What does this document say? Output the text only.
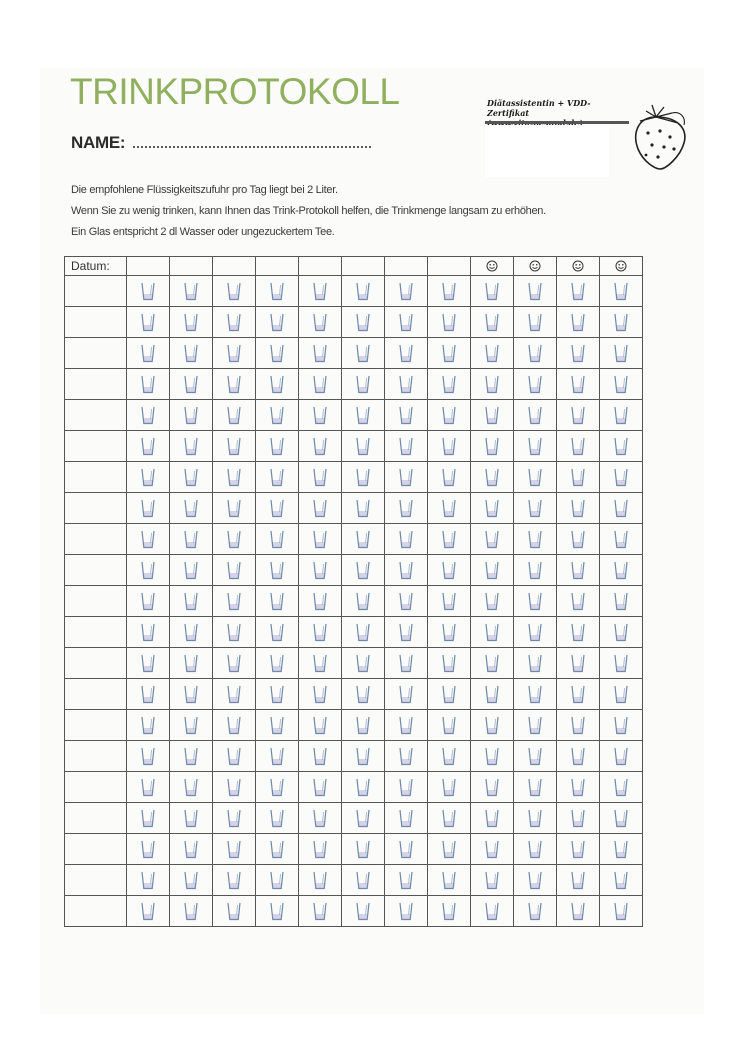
TRINKPROTOKOLL
NAME:
Diätassistentin + VDD-Zertifikat

Die empfohlene Flüssigkeitszufuhr pro Tag liegt bei 2 Liter.

Wenn Sie zu wenig trinken, kann Ihnen das Trink-Protokoll helfen, die Trinkmenge langsam zu erhöhen.

Ein Glas entspricht 2 dl Wasser oder ungezuckertem Tee.

Datum:									
